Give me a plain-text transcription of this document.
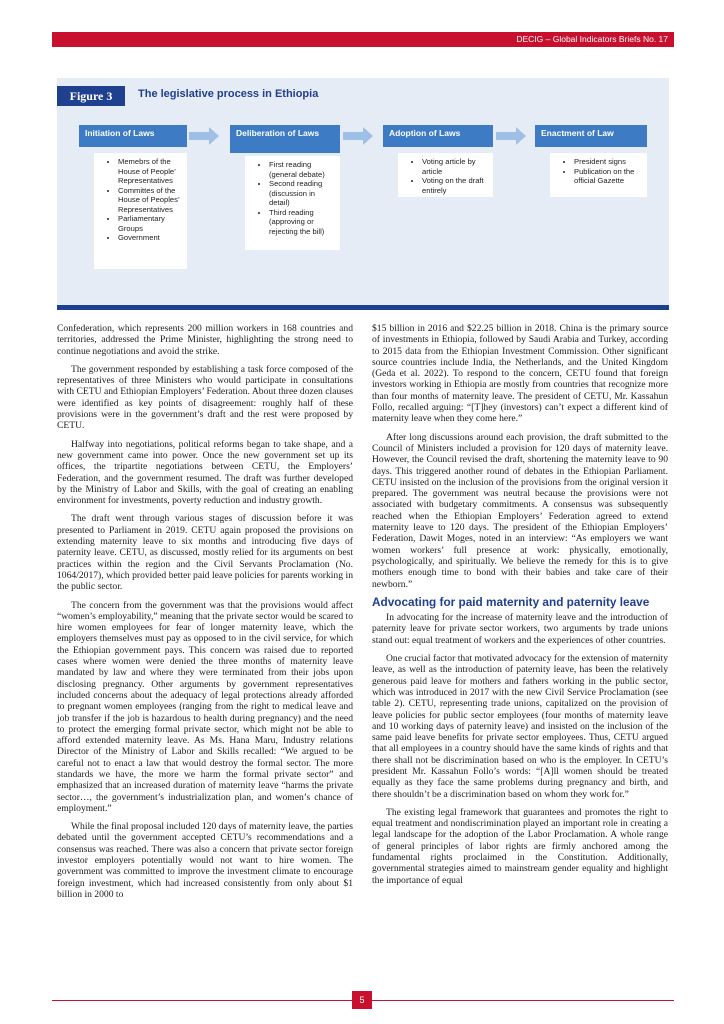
DECIG – Global Indicators Briefs No. 17
Figure 3	The legislative process in Ethiopia
Initiation of Laws
• Memebrs of the House of People’ Representatives
• Committes of the House of Peoples’ Representatives
• Parliamentary Groups
• Government
Deliberation of Laws
• First reading (general debate)
• Second reading (discussion in detail)
• Third reading (approving or rejecting the bill)
Adoption of Laws
• Voting article by article
• Voting on the draft entirely
Enactment of Law
• President signs
• Publication on the official Gazette

Confederation, which represents 200 million workers in 168 countries and territories, addressed the Prime Minister, highlighting the strong need to continue negotiations and avoid the strike.

The government responded by establishing a task force composed of the representatives of three Ministers who would participate in consultations with CETU and Ethiopian Employers’ Federation. About three dozen clauses were identified as key points of disagreement: roughly half of these provisions were in the government’s draft and the rest were proposed by CETU.

Halfway into negotiations, political reforms began to take shape, and a new government came into power. Once the new government set up its offices, the tripartite negotiations between CETU, the Employers’ Federation, and the government resumed. The draft was further developed by the Ministry of Labor and Skills, with the goal of creating an enabling environment for investments, poverty reduction and industry growth.

The draft went through various stages of discussion before it was presented to Parliament in 2019. CETU again proposed the provisions on extending maternity leave to six months and introducing five days of paternity leave. CETU, as discussed, mostly relied for its arguments on best practices within the region and the Civil Servants Proclamation (No. 1064/2017), which provided better paid leave policies for parents working in the public sector.

The concern from the government was that the provisions would affect “women’s employability,” meaning that the private sector would be scared to hire women employees for fear of longer maternity leave, which the employers themselves must pay as opposed to in the civil service, for which the Ethiopian government pays. This concern was raised due to reported cases where women were denied the three months of maternity leave mandated by law and where they were terminated from their jobs upon disclosing pregnancy. Other arguments by government representatives included concerns about the adequacy of legal protections already afforded to pregnant women employees (ranging from the right to medical leave and job transfer if the job is hazardous to health during pregnancy) and the need to protect the emerging formal private sector, which might not be able to afford extended maternity leave. As Ms. Hana Maru, Industry relations Director of the Ministry of Labor and Skills recalled: “We argued to be careful not to enact a law that would destroy the formal sector. The more standards we have, the more we harm the formal private sector” and emphasized that an increased duration of maternity leave “harms the private sector…, the government’s industrialization plan, and women’s chance of employment.”

While the final proposal included 120 days of maternity leave, the parties debated until the government accepted CETU’s recommendations and a consensus was reached. There was also a concern that private sector foreign investor employers potentially would not want to hire women. The government was committed to improve the investment climate to encourage foreign investment, which had increased consistently from only about $1 billion in 2000 to

$15 billion in 2016 and $22.25 billion in 2018. China is the primary source of investments in Ethiopia, followed by Saudi Arabia and Turkey, according to 2015 data from the Ethiopian Investment Commission. Other significant source countries include India, the Netherlands, and the United Kingdom (Geda et al. 2022). To respond to the concern, CETU found that foreign investors working in Ethiopia are mostly from countries that recognize more than four months of maternity leave. The president of CETU, Mr. Kassahun Follo, recalled arguing: “[T]hey (investors) can’t expect a different kind of maternity leave when they come here.”

After long discussions around each provision, the draft submitted to the Council of Ministers included a provision for 120 days of maternity leave. However, the Council revised the draft, shortening the maternity leave to 90 days. This triggered another round of debates in the Ethiopian Parliament. CETU insisted on the inclusion of the provisions from the original version it prepared. The government was neutral because the provisions were not associated with budgetary commitments. A consensus was subsequently reached when the Ethiopian Employers’ Federation agreed to extend maternity leave to 120 days. The president of the Ethiopian Employers’ Federation, Dawit Moges, noted in an interview: “As employers we want women workers’ full presence at work: physically, emotionally, psychologically, and spiritually. We believe the remedy for this is to give mothers enough time to bond with their babies and take care of their newborn.”

Advocating for paid maternity and paternity leave

In advocating for the increase of maternity leave and the introduction of paternity leave for private sector workers, two arguments by trade unions stand out: equal treatment of workers and the experiences of other countries.

One crucial factor that motivated advocacy for the extension of maternity leave, as well as the introduction of paternity leave, has been the relatively generous paid leave for mothers and fathers working in the public sector, which was introduced in 2017 with the new Civil Service Proclamation (see table 2). CETU, representing trade unions, capitalized on the provision of leave policies for public sector employees (four months of maternity leave and 10 working days of paternity leave) and insisted on the inclusion of the same paid leave benefits for private sector employees. Thus, CETU argued that all employees in a country should have the same kinds of rights and that there shall not be discrimination based on who is the employer. In CETU’s president Mr. Kassahun Follo’s words: “[A]ll women should be treated equally as they face the same problems during pregnancy and birth, and there shouldn’t be a discrimination based on whom they work for.”

The existing legal framework that guarantees and promotes the right to equal treatment and nondiscrimination played an important role in creating a legal landscape for the adoption of the Labor Proclamation. A whole range of general principles of labor rights are firmly anchored among the fundamental rights proclaimed in the Constitution. Additionally, governmental strategies aimed to mainstream gender equality and highlight the importance of equal

5
